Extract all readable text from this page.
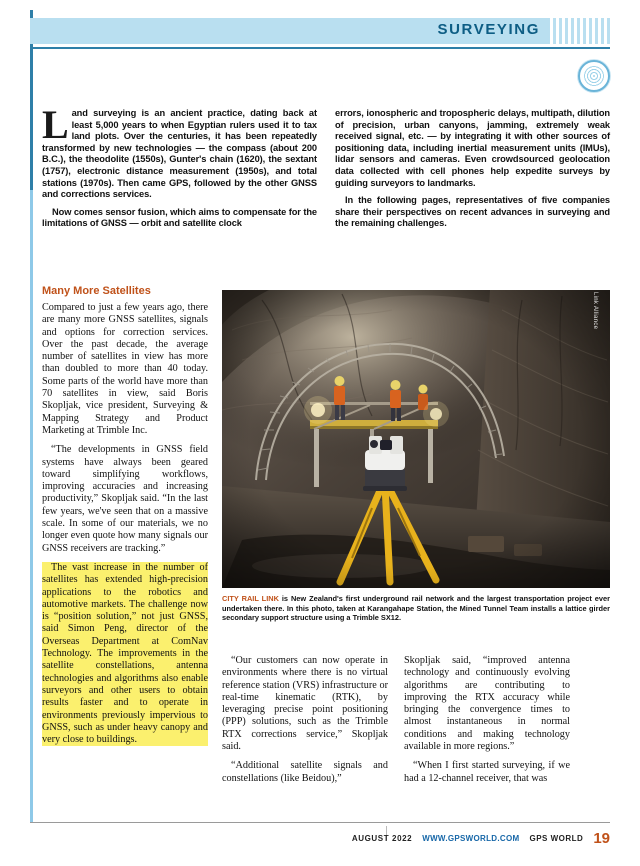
SURVEYING

Land surveying is an ancient practice, dating back at least 5,000 years to when Egyptian rulers used it to tax land plots. Over the centuries, it has been repeatedly transformed by new technologies — the compass (about 200 B.C.), the theodolite (1550s), Gunter's chain (1620), the sextant (1757), electronic distance measurement (1950s), and total stations (1970s). Then came GPS, followed by the other GNSS and corrections services.

Now comes sensor fusion, which aims to compensate for the limitations of GNSS — orbit and satellite clock

errors, ionospheric and tropospheric delays, multipath, dilution of precision, urban canyons, jamming, extremely weak received signal, etc. — by integrating it with other sources of positioning data, including inertial measurement units (IMUs), lidar sensors and cameras. Even crowdsourced geolocation data collected with cell phones help expedite surveys by guiding surveyors to landmarks.

In the following pages, representatives of five companies share their perspectives on recent advances in surveying and the remaining challenges.

Many More Satellites

Compared to just a few years ago, there are many more GNSS satellites, signals and options for correction services. Over the past decade, the average number of satellites in view has more than doubled to more than 40 today. Some parts of the world have more than 70 satellites in view, said Boris Skopljak, vice president, Surveying & Mapping Strategy and Product Marketing at Trimble Inc.

“The developments in GNSS field systems have always been geared toward simplifying workflows, improving accuracies and increasing productivity,” Skopljak said. “In the last few years, we've seen that on a massive scale. In some of our materials, we no longer even quote how many signals our GNSS receivers are tracking.”

The vast increase in the number of satellites has extended high-precision applications to the robotics and automotive markets. The challenge now is “position solution,” not just GNSS, said Simon Peng, director of the Overseas Department at ComNav Technology. The improvements in the satellite constellations, antenna technologies and algorithms also enable surveyors and other users to obtain results faster and to operate in environments previously impervious to GNSS, such as under heavy canopy and very close to buildings.

Link Alliance
CITY RAIL LINK is New Zealand's first underground rail network and the largest transportation project ever undertaken there. In this photo, taken at Karangahape Station, the Mined Tunnel Team installs a lattice girder secondary support structure using a Trimble SX12.

“Our customers can now operate in environments where there is no virtual reference station (VRS) infrastructure or real-time kinematic (RTK), by leveraging precise point positioning (PPP) solutions, such as the Trimble RTX corrections service,” Skopljak said.

“Additional satellite signals and constellations (like Beidou),”

Skopljak said, “improved antenna technology and continuously evolving algorithms are contributing to improving the RTX accuracy while bringing the convergence times to almost instantaneous in normal conditions and making technology available in more regions.”

“When I first started surveying, if we had a 12-channel receiver, that was

AUGUST 2022 WWW.GPSWORLD.COM GPS WORLD 19
